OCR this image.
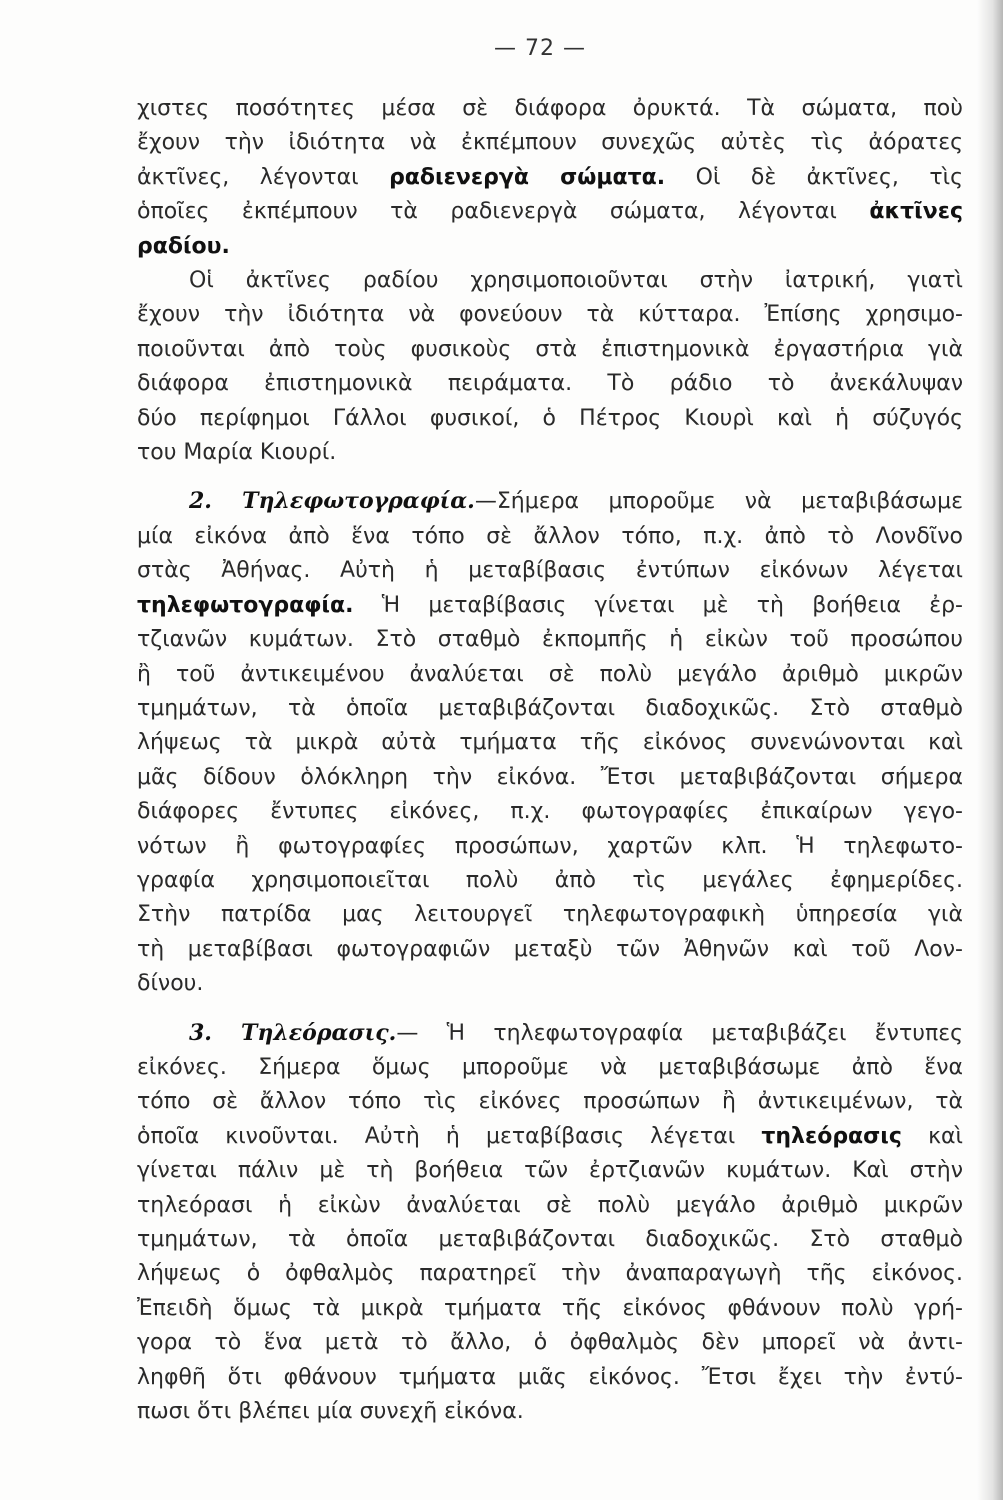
— 72 —
χιστες ποσότητες μέσα σὲ διάφορα ὀρυκτά. Τὰ σώματα, ποὺ
ἔχουν τὴν ἰδιότητα νὰ ἐκπέμπουν συνεχῶς αὐτὲς τὶς ἀόρατες
ἀκτῖνες, λέγονται ραδιενεργὰ σώματα. Οἱ δὲ ἀκτῖνες, τὶς
ὁποῖες ἐκπέμπουν τὰ ραδιενεργὰ σώματα, λέγονται ἀκτῖνες
ραδίου.
Οἱ ἀκτῖνες ραδίου χρησιμοποιοῦνται στὴν ἰατρική, γιατὶ
ἔχουν τὴν ἰδιότητα νὰ φονεύουν τὰ κύτταρα. Ἐπίσης χρησιμο-
ποιοῦνται ἀπὸ τοὺς φυσικοὺς στὰ ἐπιστημονικὰ ἐργαστήρια γιὰ
διάφορα ἐπιστημονικὰ πειράματα. Τὸ ράδιο τὸ ἀνεκάλυψαν
δύο περίφημοι Γάλλοι φυσικοί, ὁ Πέτρος Κιουρὶ καὶ ἡ σύζυγός
του Μαρία Κιουρί.
2. Τηλεφωτογραφία.—Σήμερα μποροῦμε νὰ μεταβιβάσωμε
μία εἰκόνα ἀπὸ ἕνα τόπο σὲ ἄλλον τόπο, π.χ. ἀπὸ τὸ Λονδῖνο
στὰς Ἀθήνας. Αὐτὴ ἡ μεταβίβασις ἐντύπων εἰκόνων λέγεται
τηλεφωτογραφία. Ἡ μεταβίβασις γίνεται μὲ τὴ βοήθεια ἐρ-
τζιανῶν κυμάτων. Στὸ σταθμὸ ἐκπομπῆς ἡ εἰκὼν τοῦ προσώπου
ἢ τοῦ ἀντικειμένου ἀναλύεται σὲ πολὺ μεγάλο ἀριθμὸ μικρῶν
τμημάτων, τὰ ὁποῖα μεταβιβάζονται διαδοχικῶς. Στὸ σταθμὸ
λήψεως τὰ μικρὰ αὐτὰ τμήματα τῆς εἰκόνος συνενώνονται καὶ
μᾶς δίδουν ὁλόκληρη τὴν εἰκόνα. Ἔτσι μεταβιβάζονται σήμερα
διάφορες ἔντυπες εἰκόνες, π.χ. φωτογραφίες ἐπικαίρων γεγο-
νότων ἢ φωτογραφίες προσώπων, χαρτῶν κλπ. Ἡ τηλεφωτο-
γραφία χρησιμοποιεῖται πολὺ ἀπὸ τὶς μεγάλες ἐφημερίδες.
Στὴν πατρίδα μας λειτουργεῖ τηλεφωτογραφικὴ ὑπηρεσία γιὰ
τὴ μεταβίβασι φωτογραφιῶν μεταξὺ τῶν Ἀθηνῶν καὶ τοῦ Λον-
δίνου.
3. Τηλεόρασις.— Ἡ τηλεφωτογραφία μεταβιβάζει ἔντυπες
εἰκόνες. Σήμερα ὅμως μποροῦμε νὰ μεταβιβάσωμε ἀπὸ ἕνα
τόπο σὲ ἄλλον τόπο τὶς εἰκόνες προσώπων ἢ ἀντικειμένων, τὰ
ὁποῖα κινοῦνται. Αὐτὴ ἡ μεταβίβασις λέγεται τηλεόρασις καὶ
γίνεται πάλιν μὲ τὴ βοήθεια τῶν ἐρτζιανῶν κυμάτων. Καὶ στὴν
τηλεόρασι ἡ εἰκὼν ἀναλύεται σὲ πολὺ μεγάλο ἀριθμὸ μικρῶν
τμημάτων, τὰ ὁποῖα μεταβιβάζονται διαδοχικῶς. Στὸ σταθμὸ
λήψεως ὁ ὀφθαλμὸς παρατηρεῖ τὴν ἀναπαραγωγὴ τῆς εἰκόνος.
Ἐπειδὴ ὅμως τὰ μικρὰ τμήματα τῆς εἰκόνος φθάνουν πολὺ γρή-
γορα τὸ ἕνα μετὰ τὸ ἄλλο, ὁ ὀφθαλμὸς δὲν μπορεῖ νὰ ἀντι-
ληφθῆ ὅτι φθάνουν τμήματα μιᾶς εἰκόνος. Ἔτσι ἔχει τὴν ἐντύ-
πωσι ὅτι βλέπει μία συνεχῆ εἰκόνα.
